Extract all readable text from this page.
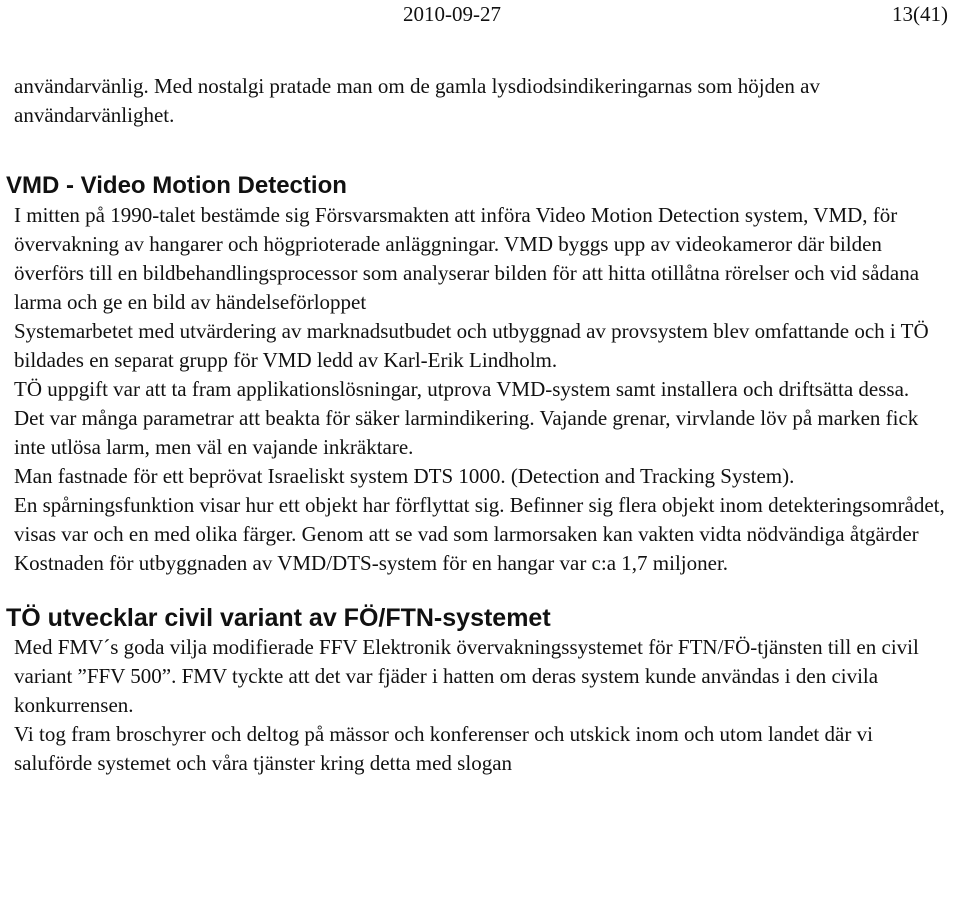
2010-09-27	13(41)

användarvänlig. Med nostalgi pratade man om de gamla lysdiodsindikeringarnas som höjden av användarvänlighet.

VMD - Video Motion Detection

I mitten på 1990-talet bestämde sig Försvarsmakten att införa Video Motion Detection system, VMD, för övervakning av hangarer och högprioterade anläggningar. VMD byggs upp av videokameror där bilden överförs till en bildbehandlingsprocessor som analyserar bilden för att hitta otillåtna rörelser och vid sådana larma och ge en bild av händelseförloppet

Systemarbetet med utvärdering av marknadsutbudet och utbyggnad av provsystem blev omfattande och i TÖ bildades en separat grupp för VMD ledd av Karl-Erik Lindholm.

TÖ uppgift var att ta fram applikationslösningar, utprova VMD-system samt installera och driftsätta dessa.

Det var många parametrar att beakta för säker larmindikering. Vajande grenar, virvlande löv på marken fick inte utlösa larm, men väl en vajande inkräktare.

Man fastnade för ett beprövat Israeliskt system DTS 1000. (Detection and Tracking System).

En spårningsfunktion visar hur ett objekt har förflyttat sig. Befinner sig flera objekt inom detekteringsområdet, visas var och en med olika färger. Genom att se vad som larmorsaken kan vakten vidta nödvändiga åtgärder

Kostnaden för utbyggnaden av VMD/DTS-system för en hangar var c:a 1,7 miljoner.

TÖ utvecklar civil variant av FÖ/FTN-systemet

Med FMV´s goda vilja modifierade FFV Elektronik övervakningssystemet för FTN/FÖ-tjänsten till en civil variant ”FFV 500”. FMV tyckte att det var fjäder i hatten om deras system kunde användas i den civila konkurrensen.

Vi tog fram broschyrer och deltog på mässor och konferenser och utskick inom och utom landet där vi saluförde systemet och våra tjänster kring detta med slogan
